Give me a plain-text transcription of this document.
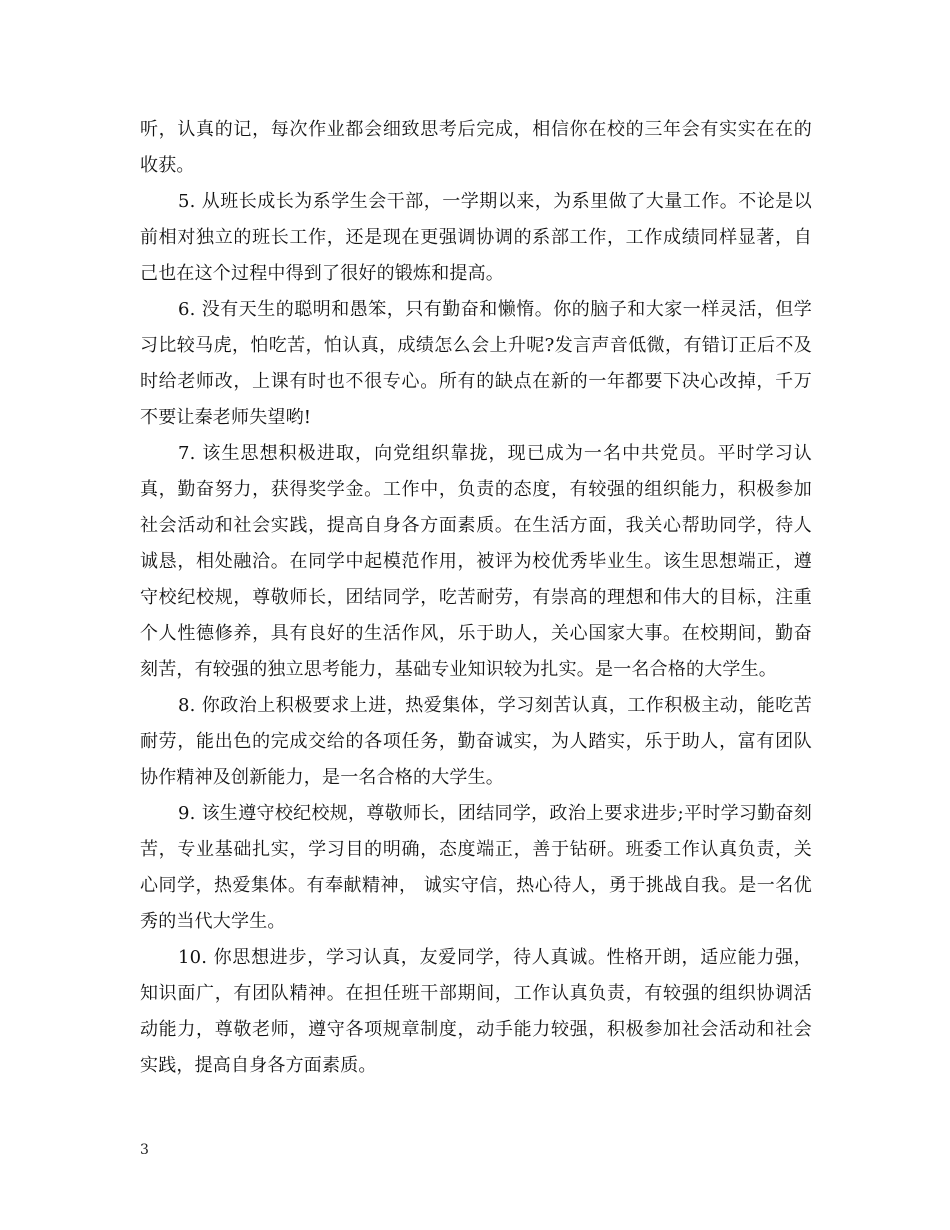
听，认真的记，每次作业都会细致思考后完成，相信你在校的三年会有实实在在的收获。

5. 从班长成长为系学生会干部，一学期以来，为系里做了大量工作。不论是以前相对独立的班长工作，还是现在更强调协调的系部工作，工作成绩同样显著，自己也在这个过程中得到了很好的锻炼和提高。

6. 没有天生的聪明和愚笨，只有勤奋和懒惰。你的脑子和大家一样灵活，但学习比较马虎，怕吃苦，怕认真，成绩怎么会上升呢?发言声音低微，有错订正后不及时给老师改，上课有时也不很专心。所有的缺点在新的一年都要下决心改掉，千万不要让秦老师失望哟!

7. 该生思想积极进取，向党组织靠拢，现已成为一名中共党员。平时学习认真，勤奋努力，获得奖学金。工作中，负责的态度，有较强的组织能力，积极参加社会活动和社会实践，提高自身各方面素质。在生活方面，我关心帮助同学，待人诚恳，相处融洽。在同学中起模范作用，被评为校优秀毕业生。该生思想端正，遵守校纪校规，尊敬师长，团结同学，吃苦耐劳，有崇高的理想和伟大的目标，注重个人性德修养，具有良好的生活作风，乐于助人，关心国家大事。在校期间，勤奋刻苦，有较强的独立思考能力，基础专业知识较为扎实。是一名合格的大学生。

8. 你政治上积极要求上进，热爱集体，学习刻苦认真，工作积极主动，能吃苦耐劳，能出色的完成交给的各项任务，勤奋诚实，为人踏实，乐于助人，富有团队协作精神及创新能力，是一名合格的大学生。

9. 该生遵守校纪校规，尊敬师长，团结同学，政治上要求进步;平时学习勤奋刻苦，专业基础扎实，学习目的明确，态度端正，善于钻研。班委工作认真负责，关心同学，热爱集体。有奉献精神， 诚实守信，热心待人，勇于挑战自我。是一名优秀的当代大学生。

10. 你思想进步，学习认真，友爱同学，待人真诚。性格开朗，适应能力强，知识面广，有团队精神。在担任班干部期间，工作认真负责，有较强的组织协调活动能力，尊敬老师，遵守各项规章制度，动手能力较强，积极参加社会活动和社会实践，提高自身各方面素质。

3
